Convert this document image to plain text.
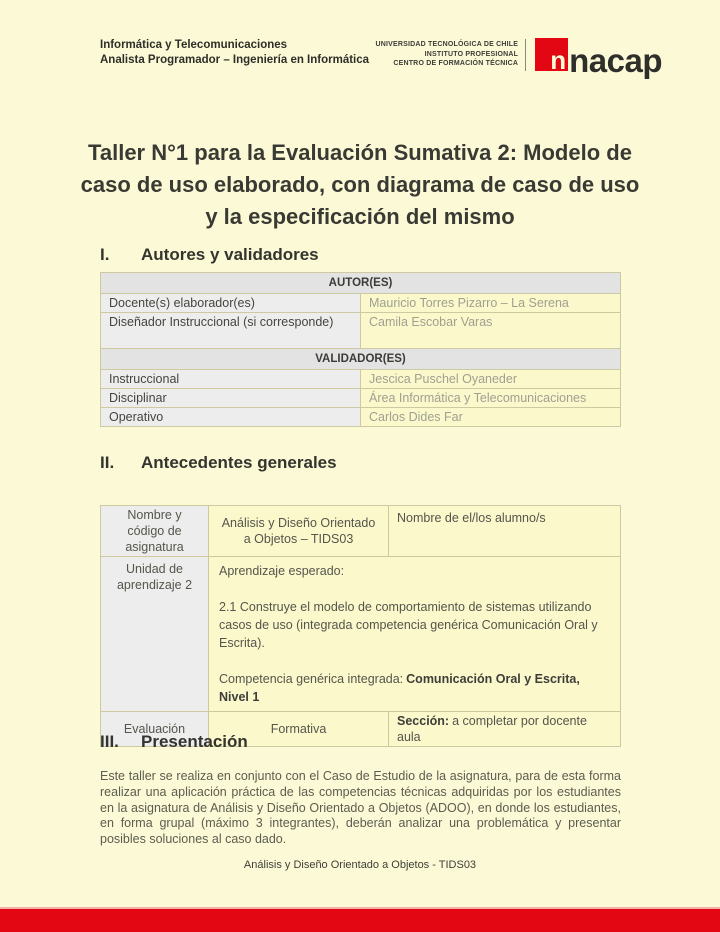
Informática y Telecomunicaciones
Analista Programador – Ingeniería en Informática
UNIVERSIDAD TECNOLÓGICA DE CHILE
INSTITUTO PROFESIONAL
CENTRO DE FORMACIÓN TÉCNICA n nacap
Taller N°1 para la Evaluación Sumativa 2: Modelo de caso de uso elaborado, con diagrama de caso de uso y la especificación del mismo
I. Autores y validadores
AUTOR(ES)	
Docente(s) elaborador(es)	Mauricio Torres Pizarro – La Serena
Diseñador Instruccional (si corresponde)	Camila Escobar Varas
VALIDADOR(ES)	
Instruccional	Jescica Puschel Oyaneder
Disciplinar	Área Informática y Telecomunicaciones
Operativo	Carlos Dides Far
II. Antecedentes generales
Nombre y código de asignatura	Análisis y Diseño Orientado a Objetos – TIDS03	Nombre de el/los alumno/s
Unidad de aprendizaje 2	Aprendizaje esperado:

2.1 Construye el modelo de comportamiento de sistemas utilizando casos de uso (integrada competencia genérica Comunicación Oral y Escrita).

Competencia genérica integrada: Comunicación Oral y Escrita, Nivel 1	

Evaluación	Formativa	Sección: a completar por docente aula
III. Presentación
Este taller se realiza en conjunto con el Caso de Estudio de la asignatura, para de esta forma realizar una aplicación práctica de las competencias técnicas adquiridas por los estudiantes en la asignatura de Análisis y Diseño Orientado a Objetos (ADOO), en donde los estudiantes, en forma grupal (máximo 3 integrantes), deberán analizar una problemática y presentar posibles soluciones al caso dado.
Análisis y Diseño Orientado a Objetos - TIDS03
